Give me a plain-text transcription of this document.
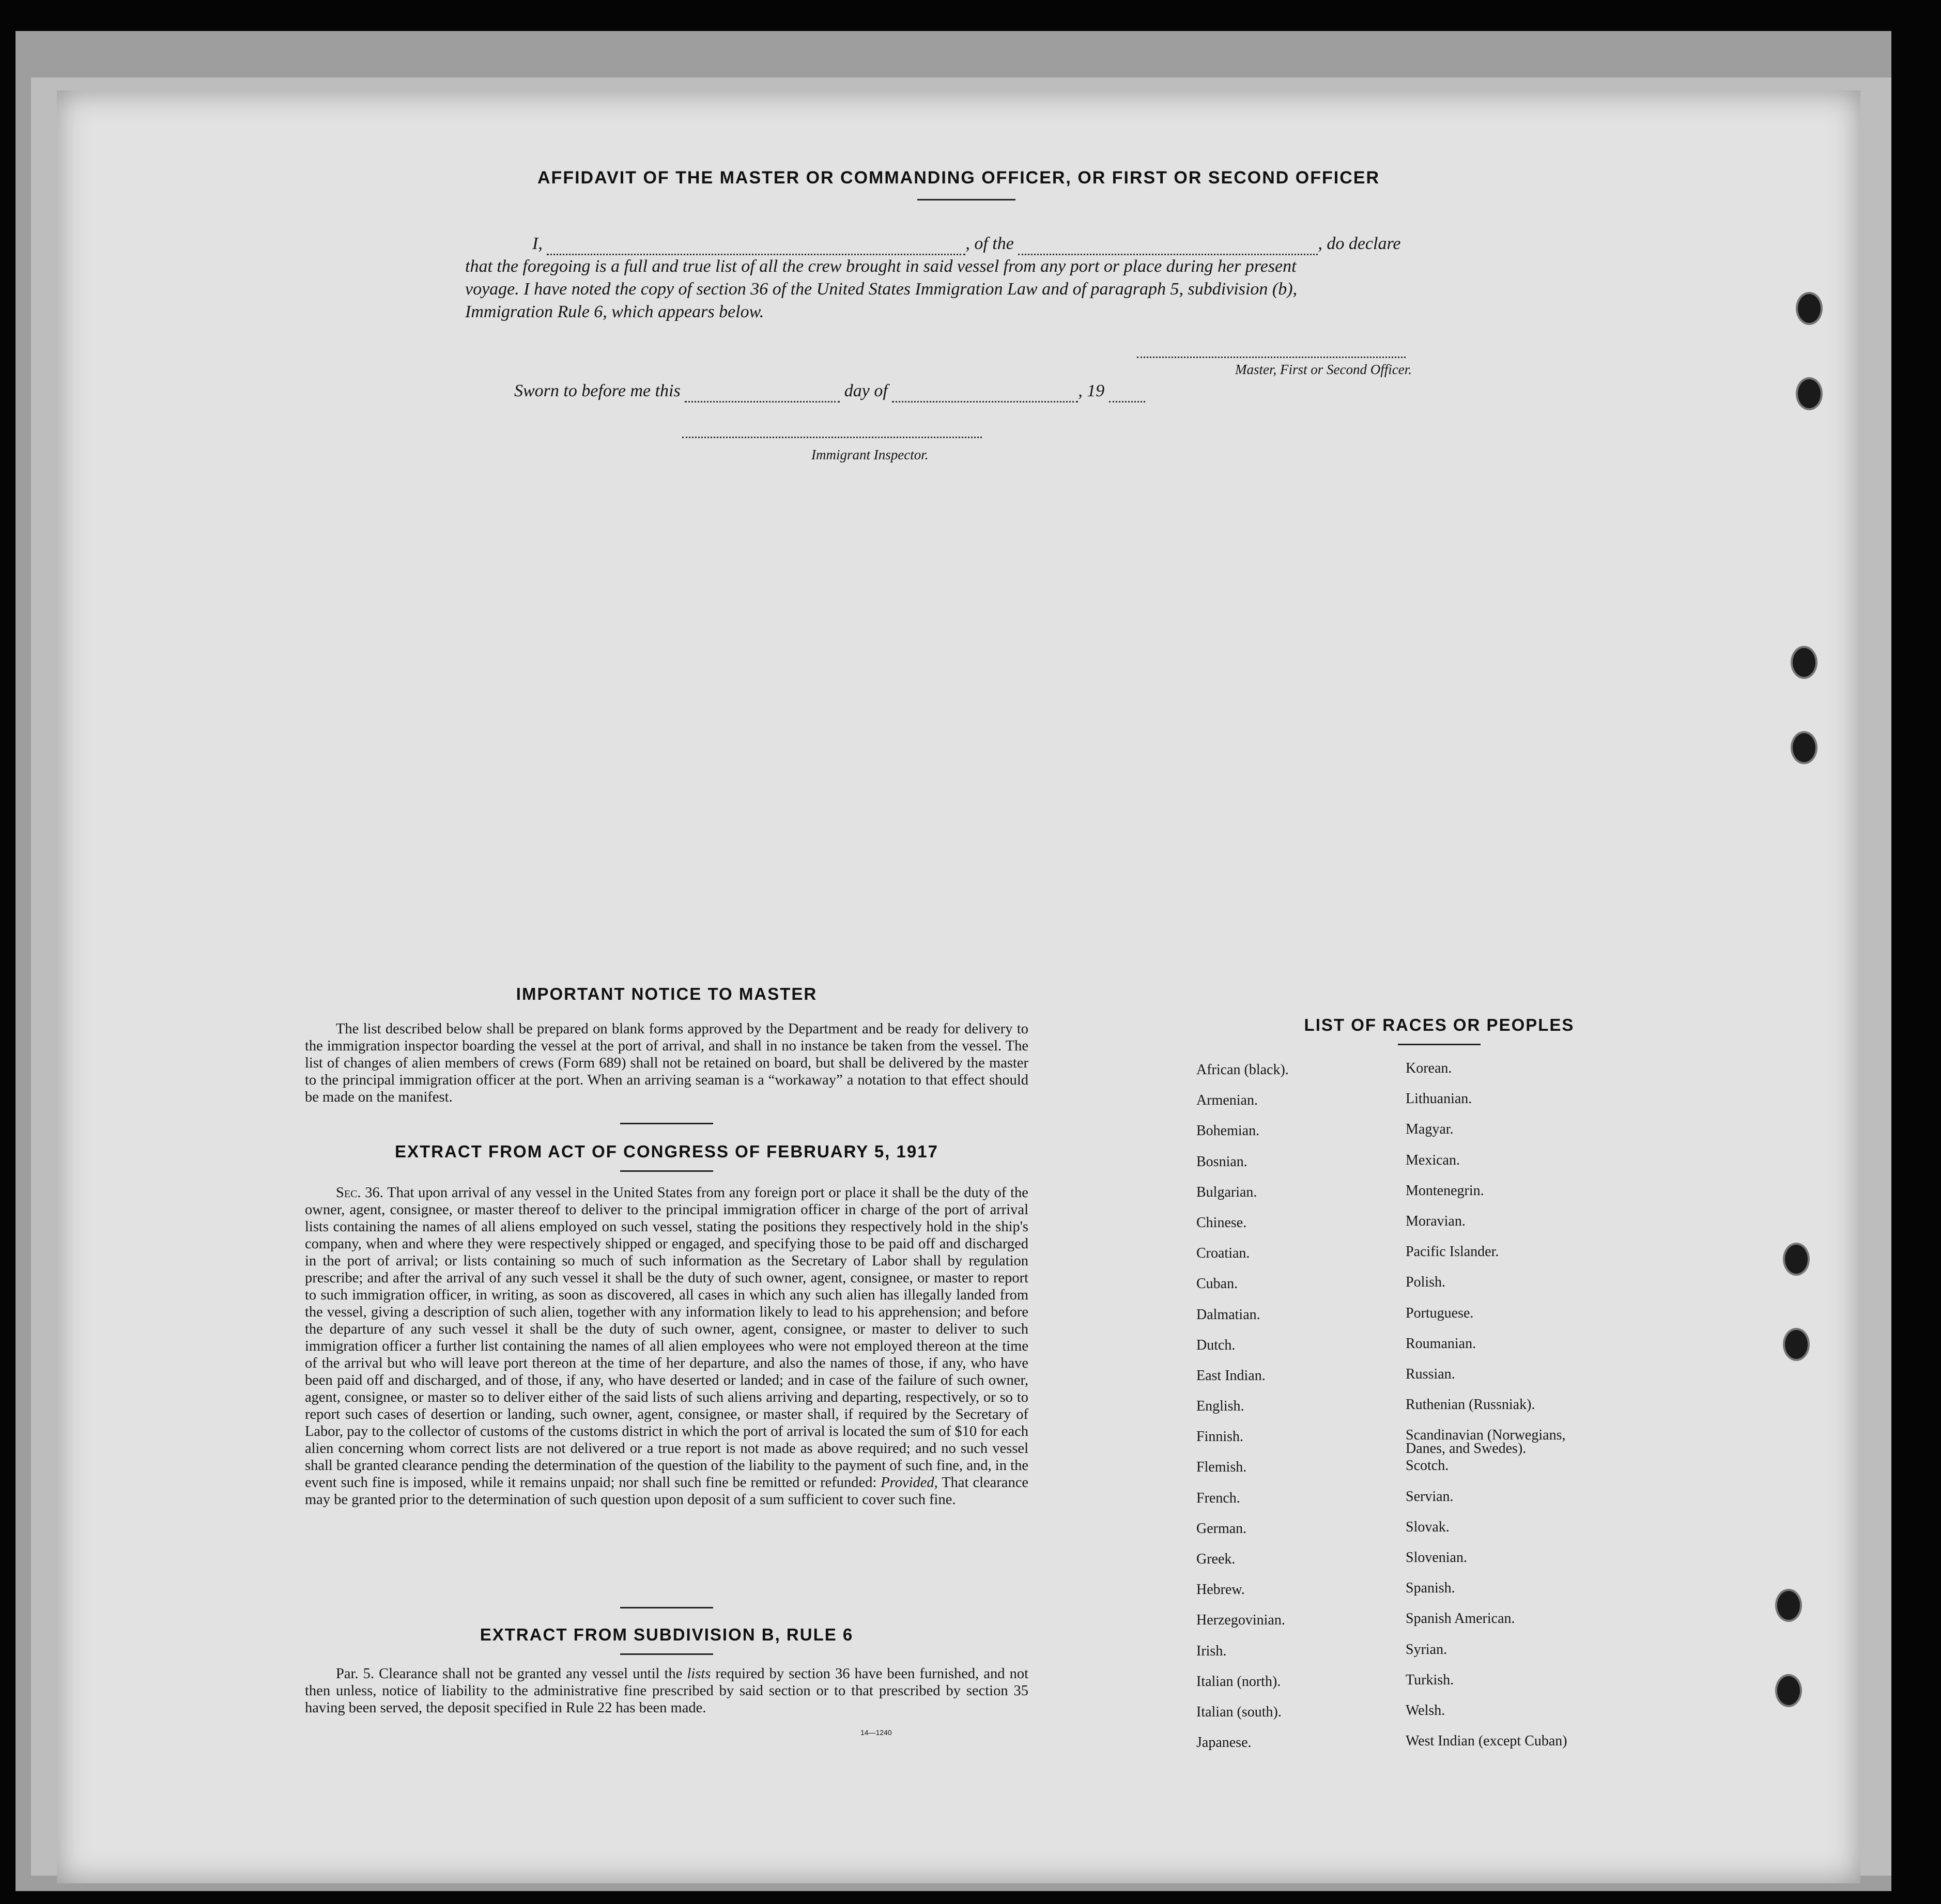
AFFIDAVIT OF THE MASTER OR COMMANDING OFFICER, OR FIRST OR SECOND OFFICER
I,	, of the	, do declare
that the foregoing is a full and true list of all the crew brought in said vessel from any port or place during her present
voyage. I have noted the copy of section 36 of the United States Immigration Law and of paragraph 5, subdivision (b),
Immigration Rule 6, which appears below.
Master, First or Second Officer.
Sworn to before me this	day of	, 19
Immigrant Inspector.
IMPORTANT NOTICE TO MASTER
The list described below shall be prepared on blank forms approved by the Department and be ready for delivery to the immigration inspector boarding the vessel at the port of arrival, and shall in no instance be taken from the vessel. The list of changes of alien members of crews (Form 689) shall not be retained on board, but shall be delivered by the master to the principal immigration officer at the port. When an arriving seaman is a “workaway” a notation to that effect should be made on the manifest.
EXTRACT FROM ACT OF CONGRESS OF FEBRUARY 5, 1917
Sec. 36. That upon arrival of any vessel in the United States from any foreign port or place it shall be the duty of the owner, agent, consignee, or master thereof to deliver to the principal immigration officer in charge of the port of arrival lists containing the names of all aliens employed on such vessel, stating the positions they respectively hold in the ship's company, when and where they were respectively shipped or engaged, and specifying those to be paid off and discharged in the port of arrival; or lists containing so much of such information as the Secretary of Labor shall by regulation prescribe; and after the arrival of any such vessel it shall be the duty of such owner, agent, consignee, or master to report to such immigration officer, in writing, as soon as discovered, all cases in which any such alien has illegally landed from the vessel, giving a description of such alien, together with any information likely to lead to his apprehension; and before the departure of any such vessel it shall be the duty of such owner, agent, consignee, or master to deliver to such immigration officer a further list containing the names of all alien employees who were not employed thereon at the time of the arrival but who will leave port thereon at the time of her departure, and also the names of those, if any, who have been paid off and discharged, and of those, if any, who have deserted or landed; and in case of the failure of such owner, agent, consignee, or master so to deliver either of the said lists of such aliens arriving and departing, respectively, or so to report such cases of desertion or landing, such owner, agent, consignee, or master shall, if required by the Secretary of Labor, pay to the collector of customs of the customs district in which the port of arrival is located the sum of $10 for each alien concerning whom correct lists are not delivered or a true report is not made as above required; and no such vessel shall be granted clearance pending the determination of the question of the liability to the payment of such fine, and, in the event such fine is imposed, while it remains unpaid; nor shall such fine be remitted or refunded: Provided, That clearance may be granted prior to the determination of such question upon deposit of a sum sufficient to cover such fine.
EXTRACT FROM SUBDIVISION B, RULE 6
Par. 5. Clearance shall not be granted any vessel until the lists required by section 36 have been furnished, and not then unless, notice of liability to the administrative fine prescribed by said section or to that prescribed by section 35 having been served, the deposit specified in Rule 22 has been made.
14—1240
LIST OF RACES OR PEOPLES
African (black).	Korean.
Armenian.	Lithuanian.
Bohemian.	Magyar.
Bosnian.	Mexican.
Bulgarian.	Montenegrin.
Chinese.	Moravian.
Croatian.	Pacific Islander.
Cuban.	Polish.
Dalmatian.	Portuguese.
Dutch.	Roumanian.
East Indian.	Russian.
English.	Ruthenian (Russniak).
Finnish.	Scandinavian (Norwegians, Danes, and Swedes).
Flemish.	Scotch.
French.	Servian.
German.	Slovak.
Greek.	Slovenian.
Hebrew.	Spanish.
Herzegovinian.	Spanish American.
Irish.	Syrian.
Italian (north).	Turkish.
Italian (south).	Welsh.
Japanese.	West Indian (except Cuban)
